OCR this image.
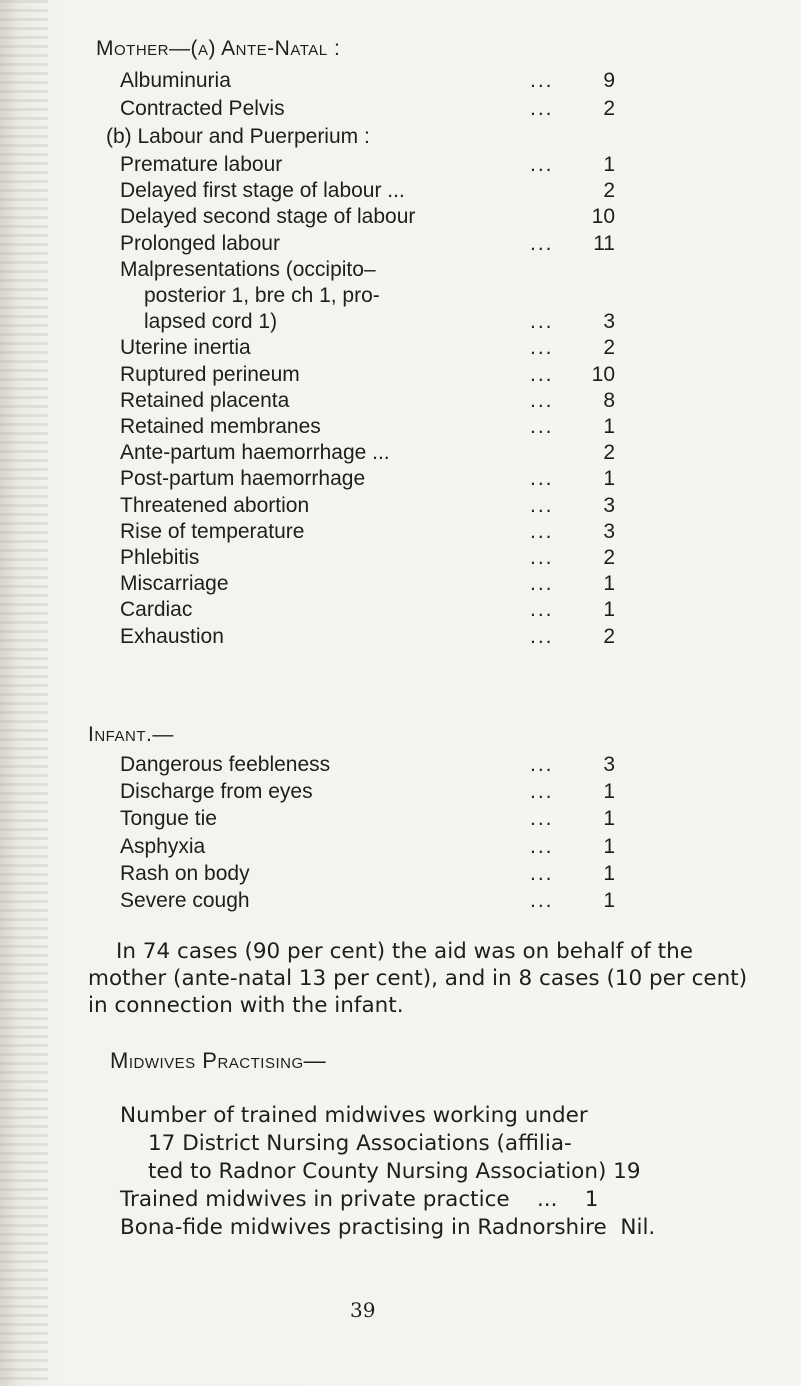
Mother—(a) Ante-Natal :
Albuminuria	...	9
Contracted Pelvis	...	2
(b) Labour and Puerperium :
Premature labour	...	1
Delayed first stage of labour ...	2
Delayed second stage of labour	10
Prolonged labour	...	11
Malpresentations (occipito–
posterior 1, bre ch 1, pro-
lapsed cord 1)	...	3
Uterine inertia	...	2
Ruptured perineum	...	10
Retained placenta	...	8
Retained membranes	...	1
Ante-partum haemorrhage ...	2
Post-partum haemorrhage	...	1
Threatened abortion	...	3
Rise of temperature	...	3
Phlebitis	...	2
Miscarriage	...	1
Cardiac	...	1
Exhaustion	...	2
Infant.—
Dangerous feebleness	...	3
Discharge from eyes	...	1
Tongue tie	...	1
Asphyxia	...	1
Rash on body	...	1
Severe cough	...	1
In 74 cases (90 per cent) the aid was on behalf of the
mother (ante-natal 13 per cent), and in 8 cases (10 per cent)
in connection with the infant.
Midwives Practising—
Number of trained midwives working under
17 District Nursing Associations (affilia-
ted to Radnor County Nursing Association) 19
Trained midwives in private practice    ...    1
Bona-fide midwives practising in Radnorshire  Nil.
39
